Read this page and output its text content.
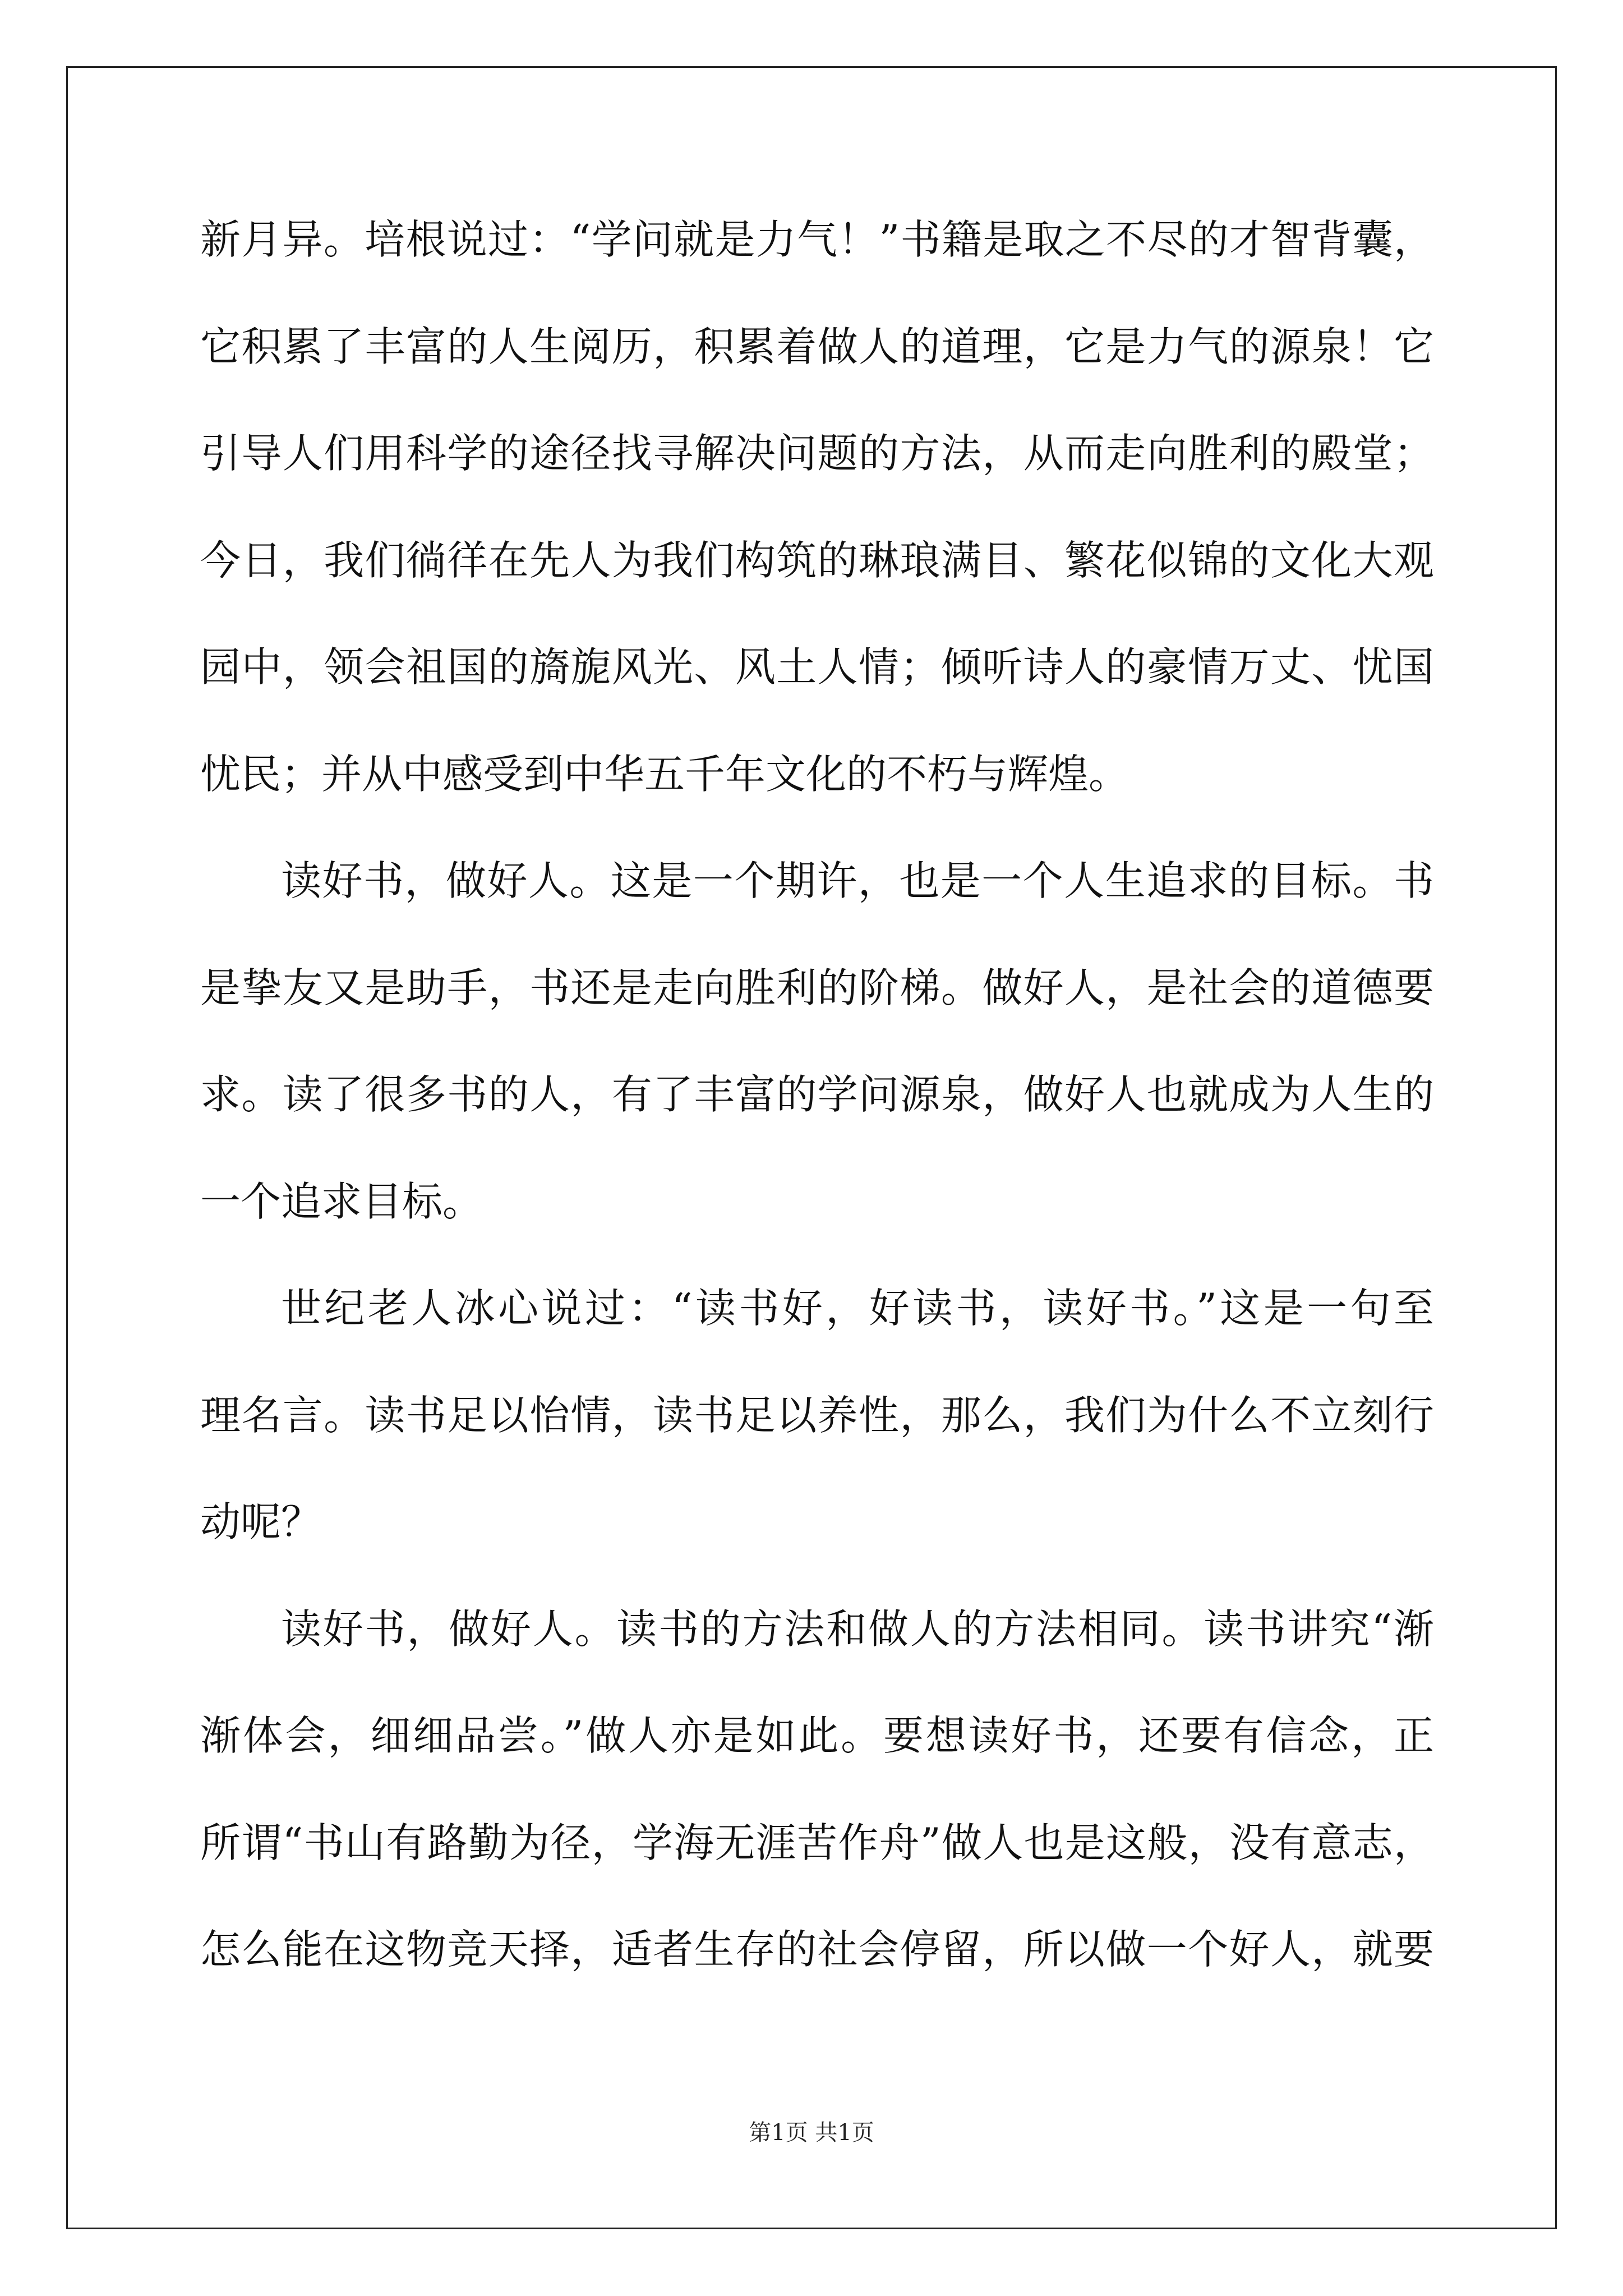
新月异。培根说过：“学问就是力气！”书籍是取之不尽的才智背囊，
它积累了丰富的人生阅历，积累着做人的道理，它是力气的源泉！它
引导人们用科学的途径找寻解决问题的方法，从而走向胜利的殿堂；
今日，我们徜徉在先人为我们构筑的琳琅满目、繁花似锦的文化大观
园中，领会祖国的旖旎风光、风土人情；倾听诗人的豪情万丈、忧国
忧民；并从中感受到中华五千年文化的不朽与辉煌。
读好书，做好人。这是一个期许，也是一个人生追求的目标。书
是挚友又是助手，书还是走向胜利的阶梯。做好人，是社会的道德要
求。读了很多书的人，有了丰富的学问源泉，做好人也就成为人生的
一个追求目标。
世纪老人冰心说过：“读书好，好读书，读好书。”这是一句至
理名言。读书足以怡情，读书足以养性，那么，我们为什么不立刻行
动呢？
读好书，做好人。读书的方法和做人的方法相同。读书讲究“渐
渐体会，细细品尝。”做人亦是如此。要想读好书，还要有信念，正
所谓“书山有路勤为径，学海无涯苦作舟”做人也是这般，没有意志，
怎么能在这物竞天择，适者生存的社会停留，所以做一个好人，就要
第1页 共1页
